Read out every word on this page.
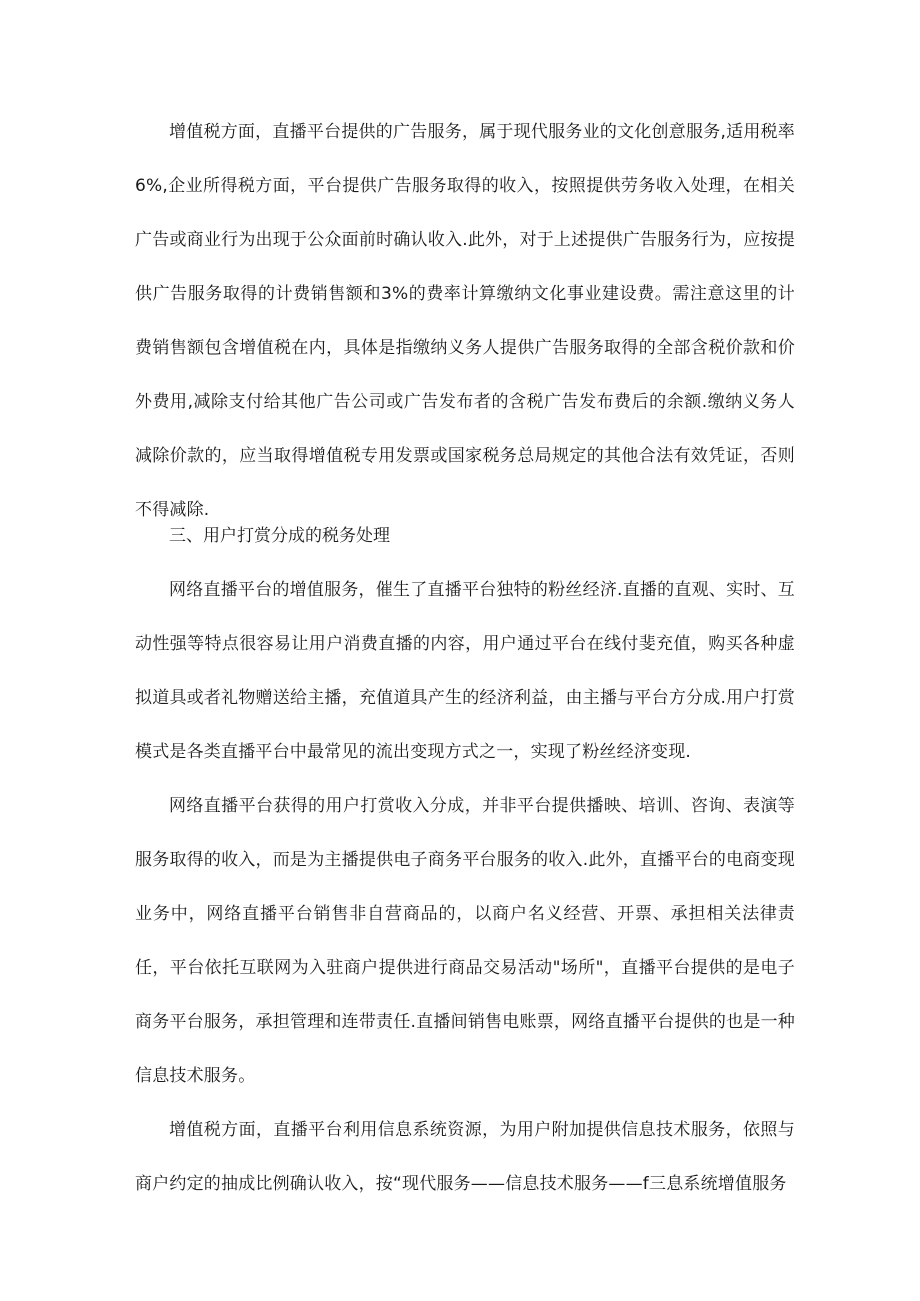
增值税方面，直播平台提供的广告服务，属于现代服务业的文化创意服务,适用税率6%,企业所得税方面，平台提供广告服务取得的收入，按照提供劳务收入处理，在相关广告或商业行为出现于公众面前时确认收入.此外，对于上述提供广告服务行为，应按提供广告服务取得的计费销售额和3%的费率计算缴纳文化事业建设费。需注意这里的计费销售额包含增值税在内，具体是指缴纳义务人提供广告服务取得的全部含税价款和价外费用,减除支付给其他广告公司或广告发布者的含税广告发布费后的余额.缴纳义务人减除价款的，应当取得增值税专用发票或国家税务总局规定的其他合法有效凭证，否则不得减除.

三、用户打赏分成的税务处理

网络直播平台的增值服务，催生了直播平台独特的粉丝经济.直播的直观、实时、互动性强等特点很容易让用户消费直播的内容，用户通过平台在线付斐充值，购买各种虚拟道具或者礼物赠送给主播，充值道具产生的经济利益，由主播与平台方分成.用户打赏模式是各类直播平台中最常见的流出变现方式之一，实现了粉丝经济变现.

网络直播平台获得的用户打赏收入分成，并非平台提供播映、培训、咨询、表演等服务取得的收入，而是为主播提供电子商务平台服务的收入.此外，直播平台的电商变现业务中，网络直播平台销售非自营商品的，以商户名义经营、开票、承担相关法律责任，平台依托互联网为入驻商户提供进行商品交易活动"场所"，直播平台提供的是电子商务平台服务，承担管理和连带责任.直播间销售电账票，网络直播平台提供的也是一种信息技术服务。

增值税方面，直播平台利用信息系统资源，为用户附加提供信息技术服务，依照与商户约定的抽成比例确认收入，按“现代服务——信息技术服务——f三息系统增值服务
